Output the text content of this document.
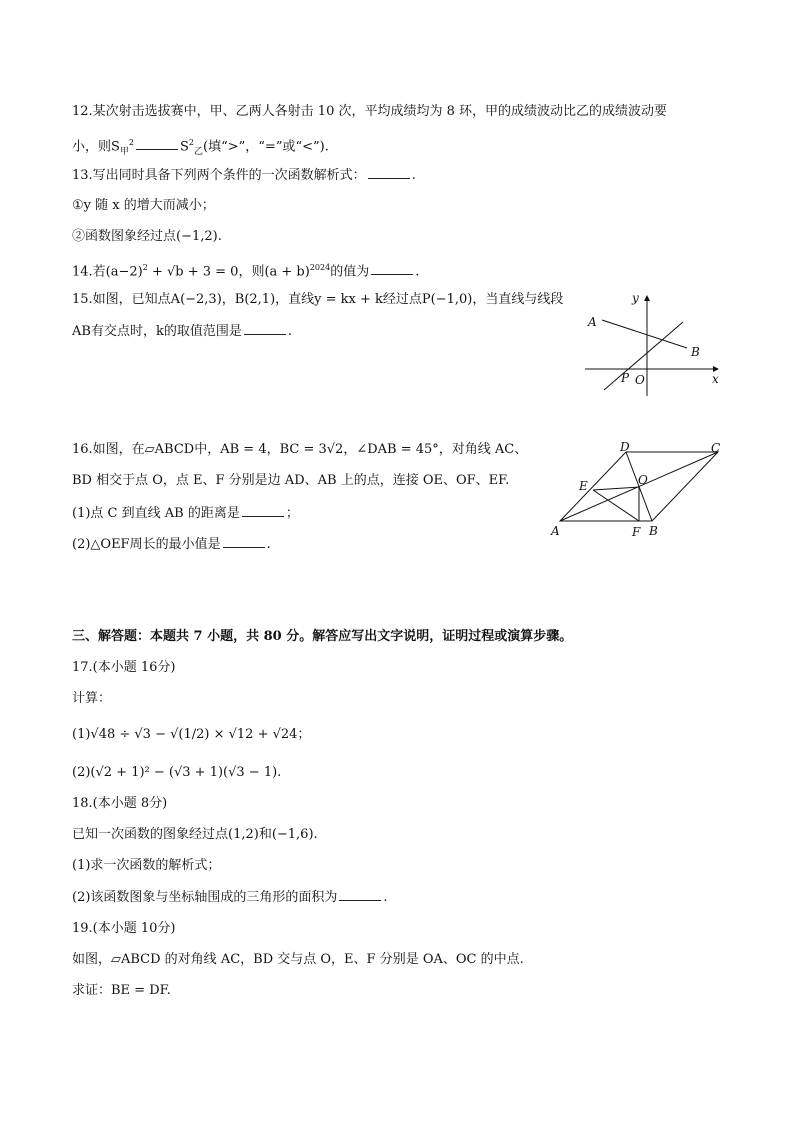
12.某次射击选拔赛中，甲、乙两人各射击 10 次，平均成绩均为 8 环，甲的成绩波动比乙的成绩波动要
小，则$S_甲^2$	$S^2_乙$(填“>”，“=”或“<”).
13.写出同时具备下列两个条件的一次函数解析式：	.
①y 随 x 的增大而减小；
②函数图象经过点(−1,2).
14.若$(a-2)^2 + √b + 3 = 0$，则$(a + b)^{2024}$的值为	.
15.如图，已知点A(−2,3)，B(2,1)，直线y = kx + k经过点P(−1,0)，当直线与线段
AB有交点时，k的取值范围是	.
y
x
A
B
P O
16.如图，在▱ABCD中，AB = 4，BC = 3√2，∠DAB = 45°，对角线 AC、
BD 相交于点 O，点 E、F 分别是边 AD、AB 上的点，连接 OE、OF、EF.
(1)点 C 到直线 AB 的距离是	；
(2)△OEF周长的最小值是	.
D	C
E	O
A	F B
三、解答题：本题共 7 小题，共 80 分。解答应写出文字说明，证明过程或演算步骤。
17.(本小题 16分)
计算：
(1)√48 ÷ √3 − √(1/2) × √12 + √24；
(2)(√2 + 1)² − (√3 + 1)(√3 − 1).
18.(本小题 8分)
已知一次函数的图象经过点(1,2)和(−1,6).
(1)求一次函数的解析式；
(2)该函数图象与坐标轴围成的三角形的面积为	.
19.(本小题 10分)
如图，▱ABCD 的对角线 AC，BD 交与点 O，E、F 分别是 OA、OC 的中点.
求证：BE = DF.
